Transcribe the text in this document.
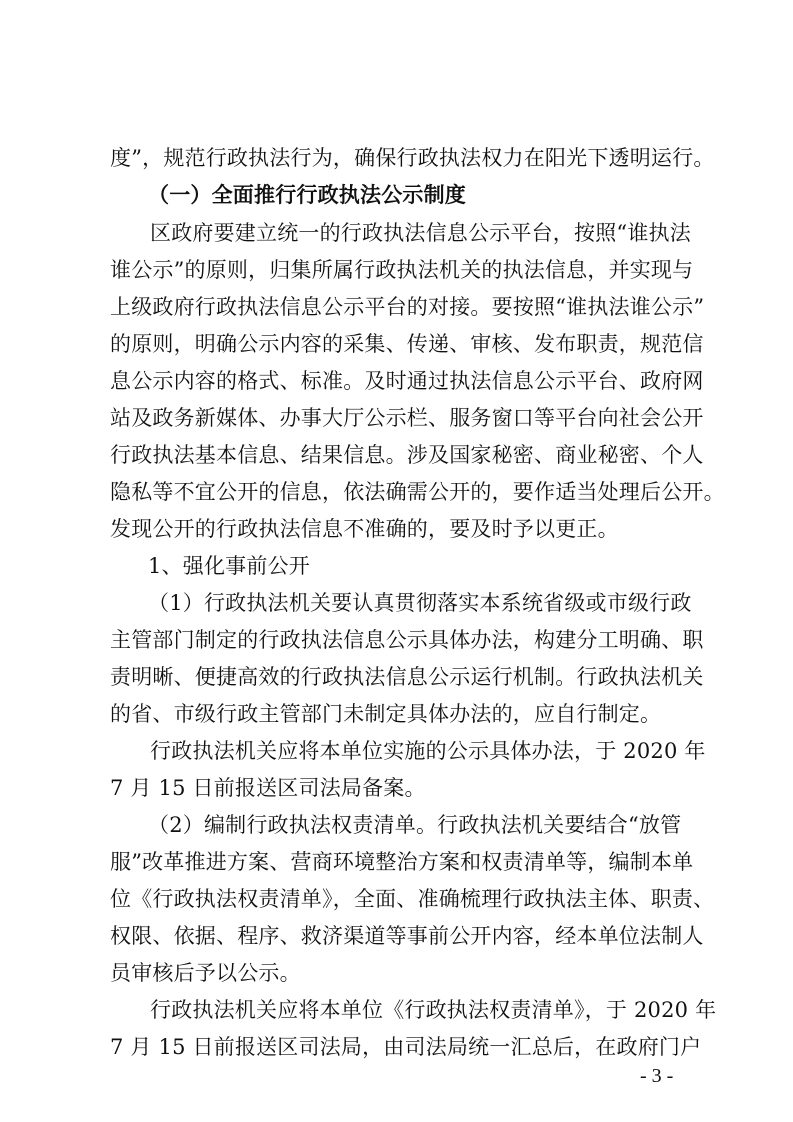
度”，规范行政执法行为，确保行政执法权力在阳光下透明运行。
（一）全面推行行政执法公示制度
区政府要建立统一的行政执法信息公示平台，按照“谁执法
谁公示”的原则，归集所属行政执法机关的执法信息，并实现与
上级政府行政执法信息公示平台的对接。要按照“谁执法谁公示”
的原则，明确公示内容的采集、传递、审核、发布职责，规范信
息公示内容的格式、标准。及时通过执法信息公示平台、政府网
站及政务新媒体、办事大厅公示栏、服务窗口等平台向社会公开
行政执法基本信息、结果信息。涉及国家秘密、商业秘密、个人
隐私等不宜公开的信息，依法确需公开的，要作适当处理后公开。
发现公开的行政执法信息不准确的，要及时予以更正。
1、强化事前公开
（1）行政执法机关要认真贯彻落实本系统省级或市级行政
主管部门制定的行政执法信息公示具体办法，构建分工明确、职
责明晰、便捷高效的行政执法信息公示运行机制。行政执法机关
的省、市级行政主管部门未制定具体办法的，应自行制定。
行政执法机关应将本单位实施的公示具体办法，于 2020 年
7 月 15 日前报送区司法局备案。
（2）编制行政执法权责清单。行政执法机关要结合“放管
服”改革推进方案、营商环境整治方案和权责清单等，编制本单
位《行政执法权责清单》，全面、准确梳理行政执法主体、职责、
权限、依据、程序、救济渠道等事前公开内容，经本单位法制人
员审核后予以公示。
行政执法机关应将本单位《行政执法权责清单》，于 2020 年
7 月 15 日前报送区司法局，由司法局统一汇总后，在政府门户
- 3 -
